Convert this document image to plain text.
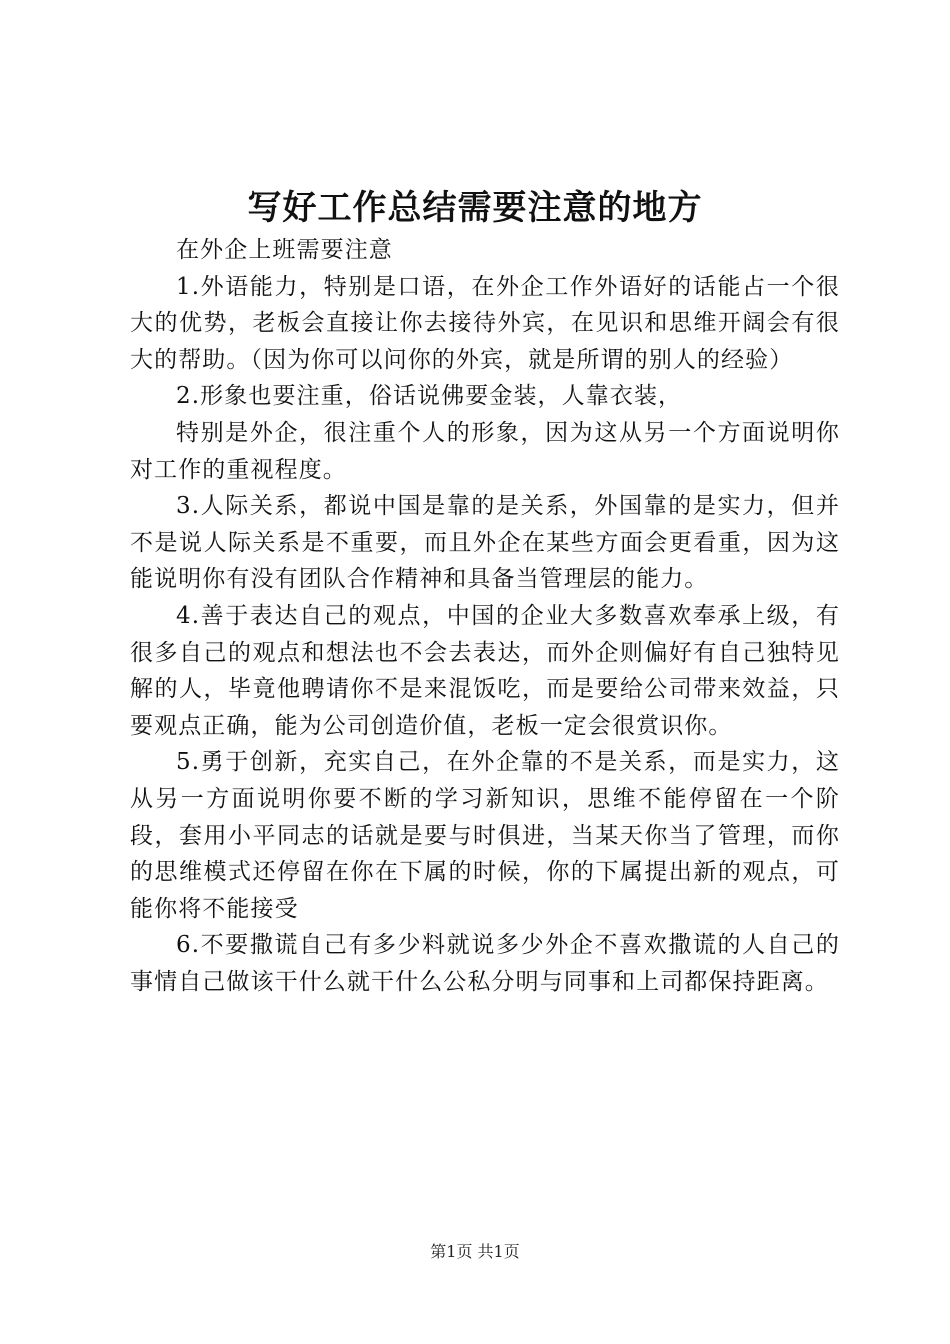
写好工作总结需要注意的地方

在外企上班需要注意

1.外语能力，特别是口语，在外企工作外语好的话能占一个很大的优势，老板会直接让你去接待外宾，在见识和思维开阔会有很大的帮助。（因为你可以问你的外宾，就是所谓的别人的经验）

2.形象也要注重，俗话说佛要金装，人靠衣装，

特别是外企，很注重个人的形象，因为这从另一个方面说明你对工作的重视程度。

3.人际关系，都说中国是靠的是关系，外国靠的是实力，但并不是说人际关系是不重要，而且外企在某些方面会更看重，因为这能说明你有没有团队合作精神和具备当管理层的能力。

4.善于表达自己的观点，中国的企业大多数喜欢奉承上级，有很多自己的观点和想法也不会去表达，而外企则偏好有自己独特见解的人，毕竟他聘请你不是来混饭吃，而是要给公司带来效益，只要观点正确，能为公司创造价值，老板一定会很赏识你。

5.勇于创新，充实自己，在外企靠的不是关系，而是实力，这从另一方面说明你要不断的学习新知识，思维不能停留在一个阶段，套用小平同志的话就是要与时俱进，当某天你当了管理，而你的思维模式还停留在你在下属的时候，你的下属提出新的观点，可能你将不能接受

6.不要撒谎自己有多少料就说多少外企不喜欢撒谎的人自己的事情自己做该干什么就干什么公私分明与同事和上司都保持距离。

第1页 共1页
